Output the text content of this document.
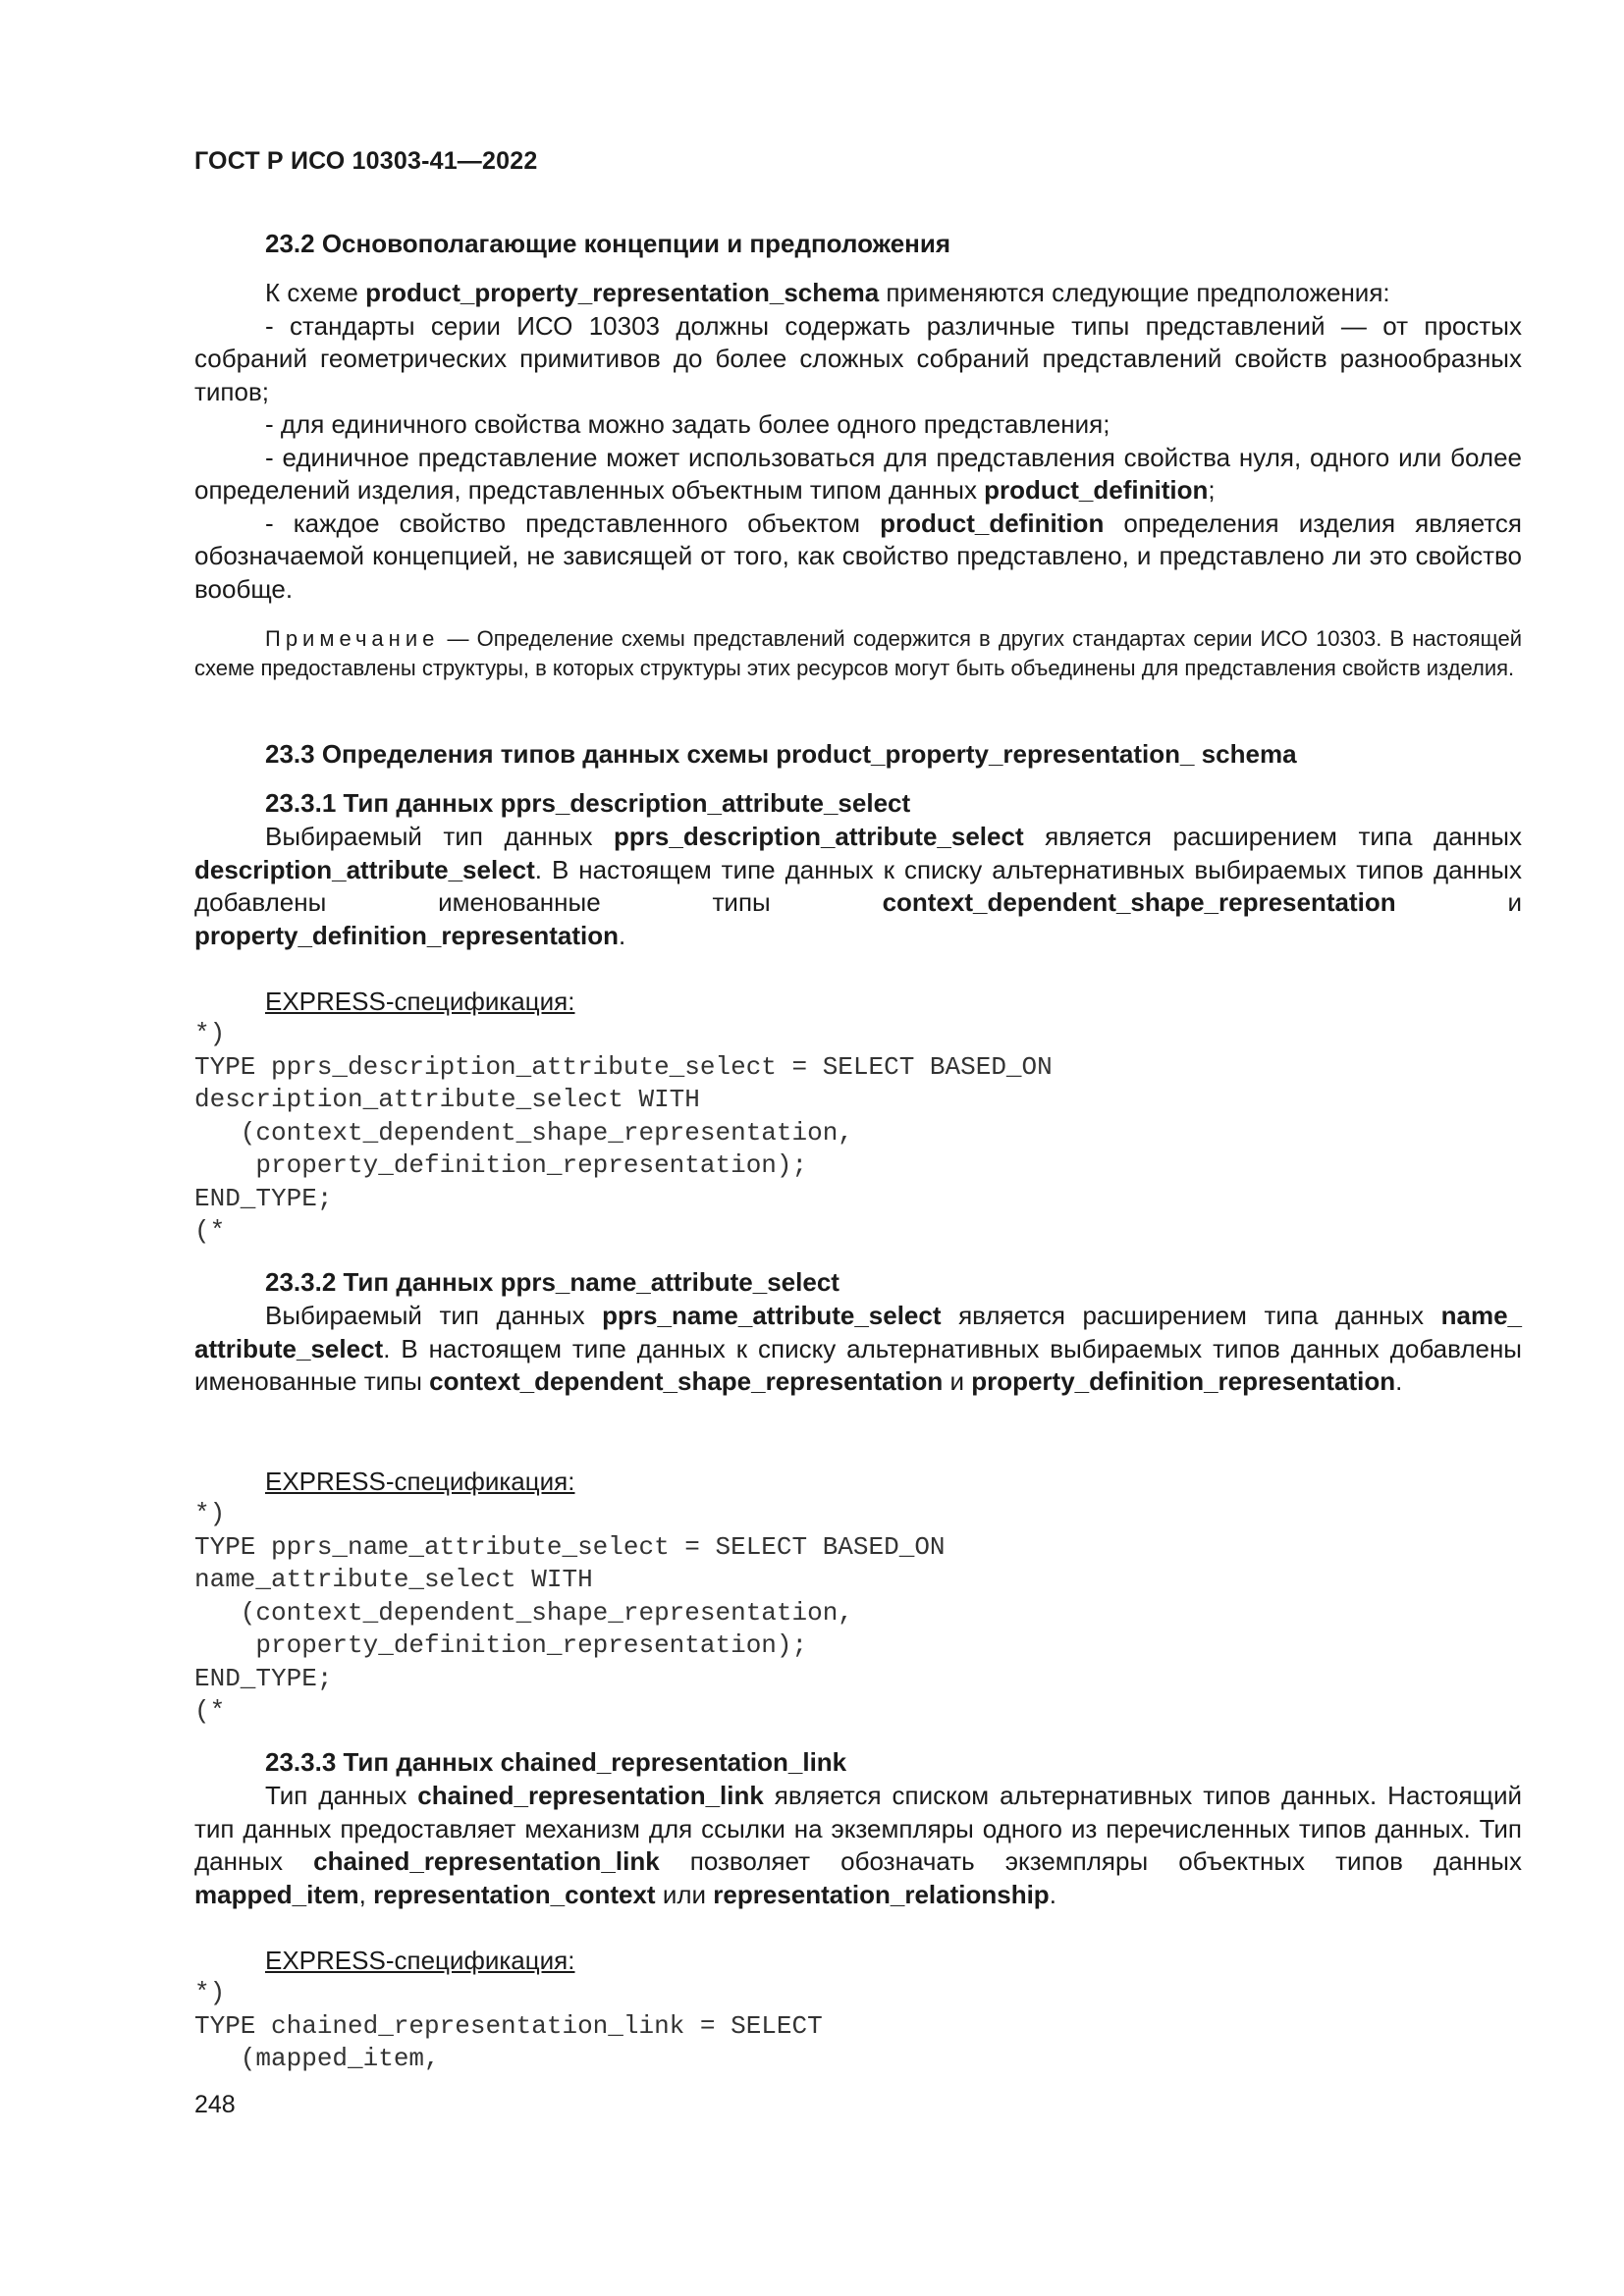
ГОСТ Р ИСО 10303-41—2022
23.2 Основополагающие концепции и предположения
К схеме product_property_representation_schema применяются следующие предположения:
- стандарты серии ИСО 10303 должны содержать различные типы представлений — от простых собраний геометрических примитивов до более сложных собраний представлений свойств разнообразных типов;
- для единичного свойства можно задать более одного представления;
- единичное представление может использоваться для представления свойства нуля, одного или более определений изделия, представленных объектным типом данных product_definition;
- каждое свойство представленного объектом product_definition определения изделия является обозначаемой концепцией, не зависящей от того, как свойство представлено, и представлено ли это свойство вообще.
Примечание — Определение схемы представлений содержится в других стандартах серии ИСО 10303. В настоящей схеме предоставлены структуры, в которых структуры этих ресурсов могут быть объединены для представления свойств изделия.
23.3 Определения типов данных схемы product_property_representation_ schema
23.3.1 Тип данных pprs_description_attribute_select
Выбираемый тип данных pprs_description_attribute_select является расширением типа данных description_attribute_select. В настоящем типе данных к списку альтернативных выбираемых типов данных добавлены именованные типы context_dependent_shape_representation и property_definition_representation.
EXPRESS-спецификация:
*)
TYPE pprs_description_attribute_select = SELECT BASED_ON
description_attribute_select WITH
(context_dependent_shape_representation,
property_definition_representation);
END_TYPE;
(*
23.3.2 Тип данных pprs_name_attribute_select
Выбираемый тип данных pprs_name_attribute_select является расширением типа данных name_ attribute_select. В настоящем типе данных к списку альтернативных выбираемых типов данных добавлены именованные типы context_dependent_shape_representation и property_definition_representation.
EXPRESS-спецификация:
*)
TYPE pprs_name_attribute_select = SELECT BASED_ON
name_attribute_select WITH
(context_dependent_shape_representation,
property_definition_representation);
END_TYPE;
(*
23.3.3 Тип данных chained_representation_link
Тип данных chained_representation_link является списком альтернативных типов данных. Настоящий тип данных предоставляет механизм для ссылки на экземпляры одного из перечисленных типов данных. Тип данных chained_representation_link позволяет обозначать экземпляры объектных типов данных mapped_item, representation_context или representation_relationship.
EXPRESS-спецификация:
*)
TYPE chained_representation_link = SELECT
(mapped_item,
248
